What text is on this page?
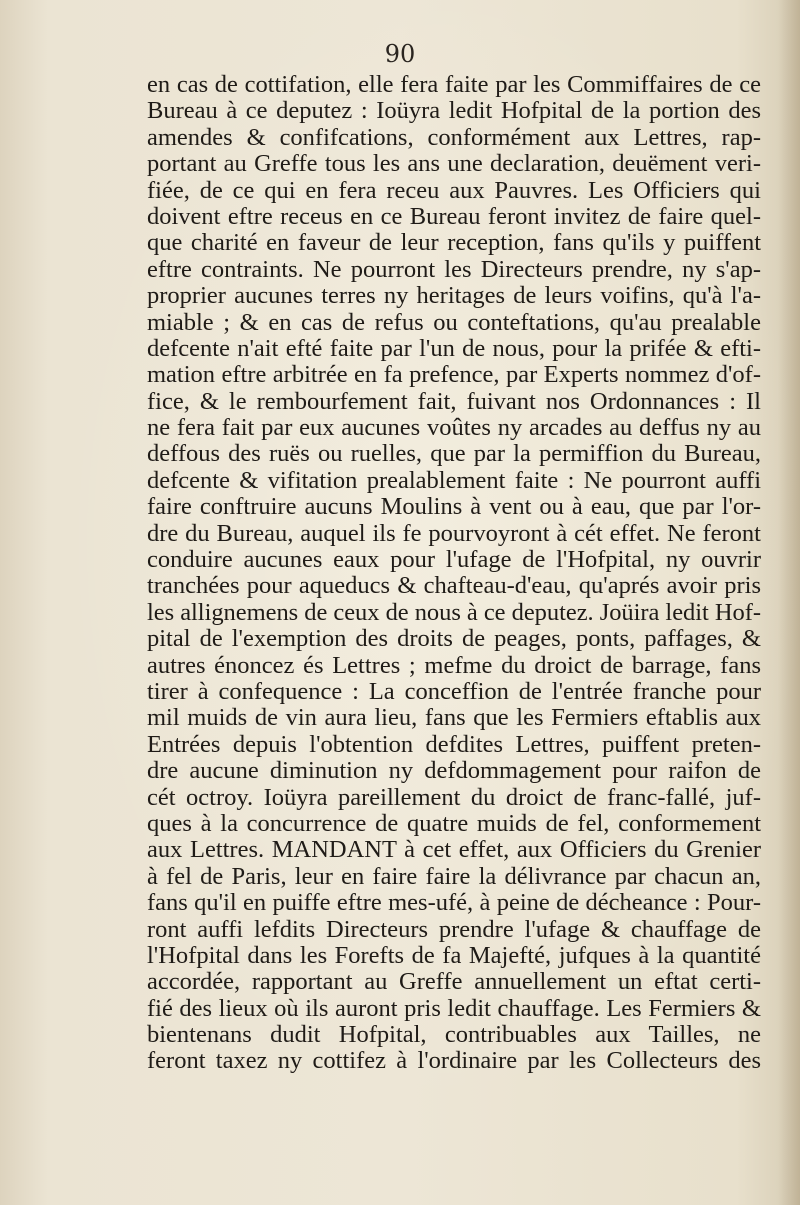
90
en cas de cottifation, elle fera faite par les Commiffaires de ce
Bureau à ce deputez : Ioüyra ledit Hofpital de la portion des
amendes & confifcations, conformément aux Lettres, rap-
portant au Greffe tous les ans une declaration, deuëment veri-
fiée, de ce qui en fera receu aux Pauvres. Les Officiers qui
doivent eftre receus en ce Bureau feront invitez de faire quel-
que charité en faveur de leur reception, fans qu'ils y puiffent
eftre contraints. Ne pourront les Directeurs prendre, ny s'ap-
proprier aucunes terres ny heritages de leurs voifins, qu'à l'a-
miable ; & en cas de refus ou conteftations, qu'au prealable
defcente n'ait efté faite par l'un de nous, pour la prifée & efti-
mation eftre arbitrée en fa prefence, par Experts nommez d'of-
fice, & le rembourfement fait, fuivant nos Ordonnances : Il
ne fera fait par eux aucunes voûtes ny arcades au deffus ny au
deffous des ruës ou ruelles, que par la permiffion du Bureau,
defcente & vifitation prealablement faite : Ne pourront auffi
faire conftruire aucuns Moulins à vent ou à eau, que par l'or-
dre du Bureau, auquel ils fe pourvoyront à cét effet. Ne feront
conduire aucunes eaux pour l'ufage de l'Hofpital, ny ouvrir
tranchées pour aqueducs & chafteau-d'eau, qu'aprés avoir pris
les allignemens de ceux de nous à ce deputez. Joüira ledit Hof-
pital de l'exemption des droits de peages, ponts, paffages, &
autres énoncez és Lettres ; mefme du droict de barrage, fans
tirer à confequence : La conceffion de l'entrée franche pour
mil muids de vin aura lieu, fans que les Fermiers eftablis aux
Entrées depuis l'obtention defdites Lettres, puiffent preten-
dre aucune diminution ny defdommagement pour raifon de
cét octroy. Ioüyra pareillement du droict de franc-fallé, juf-
ques à la concurrence de quatre muids de fel, conformement
aux Lettres. MANDANT à cet effet, aux Officiers du Grenier
à fel de Paris, leur en faire faire la délivrance par chacun an,
fans qu'il en puiffe eftre mes-ufé, à peine de décheance : Pour-
ront auffi lefdits Directeurs prendre l'ufage & chauffage de
l'Hofpital dans les Forefts de fa Majefté, jufques à la quantité
accordée, rapportant au Greffe annuellement un eftat certi-
fié des lieux où ils auront pris ledit chauffage. Les Fermiers &
bientenans dudit Hofpital, contribuables aux Tailles, ne
feront taxez ny cottifez à l'ordinaire par les Collecteurs des
